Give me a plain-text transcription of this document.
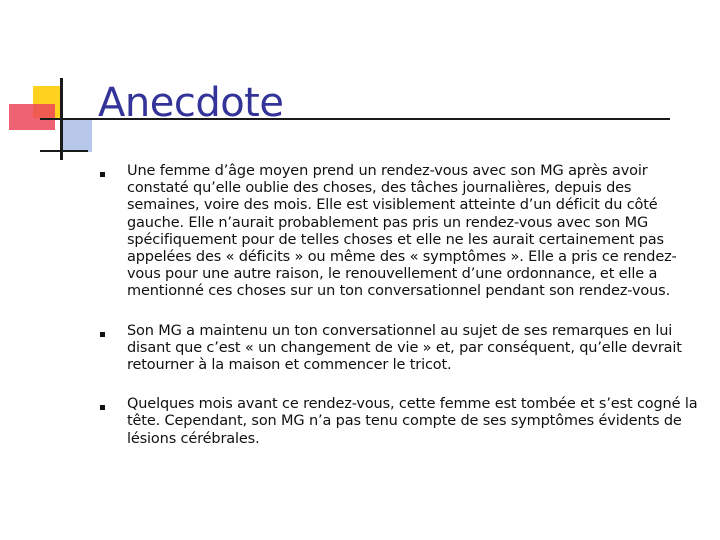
Anecdote
Une femme d’âge moyen prend un rendez-vous avec son MG après avoir constaté qu’elle oublie des choses, des tâches journalières, depuis des semaines, voire des mois. Elle est visiblement atteinte d’un déficit du côté gauche. Elle n’aurait probablement pas pris un rendez-vous avec son MG spécifiquement pour de telles choses et elle ne les aurait certainement pas appelées des « déficits » ou même des « symptômes ». Elle a pris ce rendez-vous pour une autre raison, le renouvellement d’une ordonnance, et elle a mentionné ces choses sur un ton conversationnel pendant son rendez-vous.
Son MG a maintenu un ton conversationnel au sujet de ses remarques en lui disant que c’est « un changement de vie » et, par conséquent, qu’elle devrait retourner à la maison et commencer le tricot.
Quelques mois avant ce rendez-vous, cette femme est tombée et s’est cogné la tête. Cependant, son MG n’a pas tenu compte de ses symptômes évidents de lésions cérébrales.
